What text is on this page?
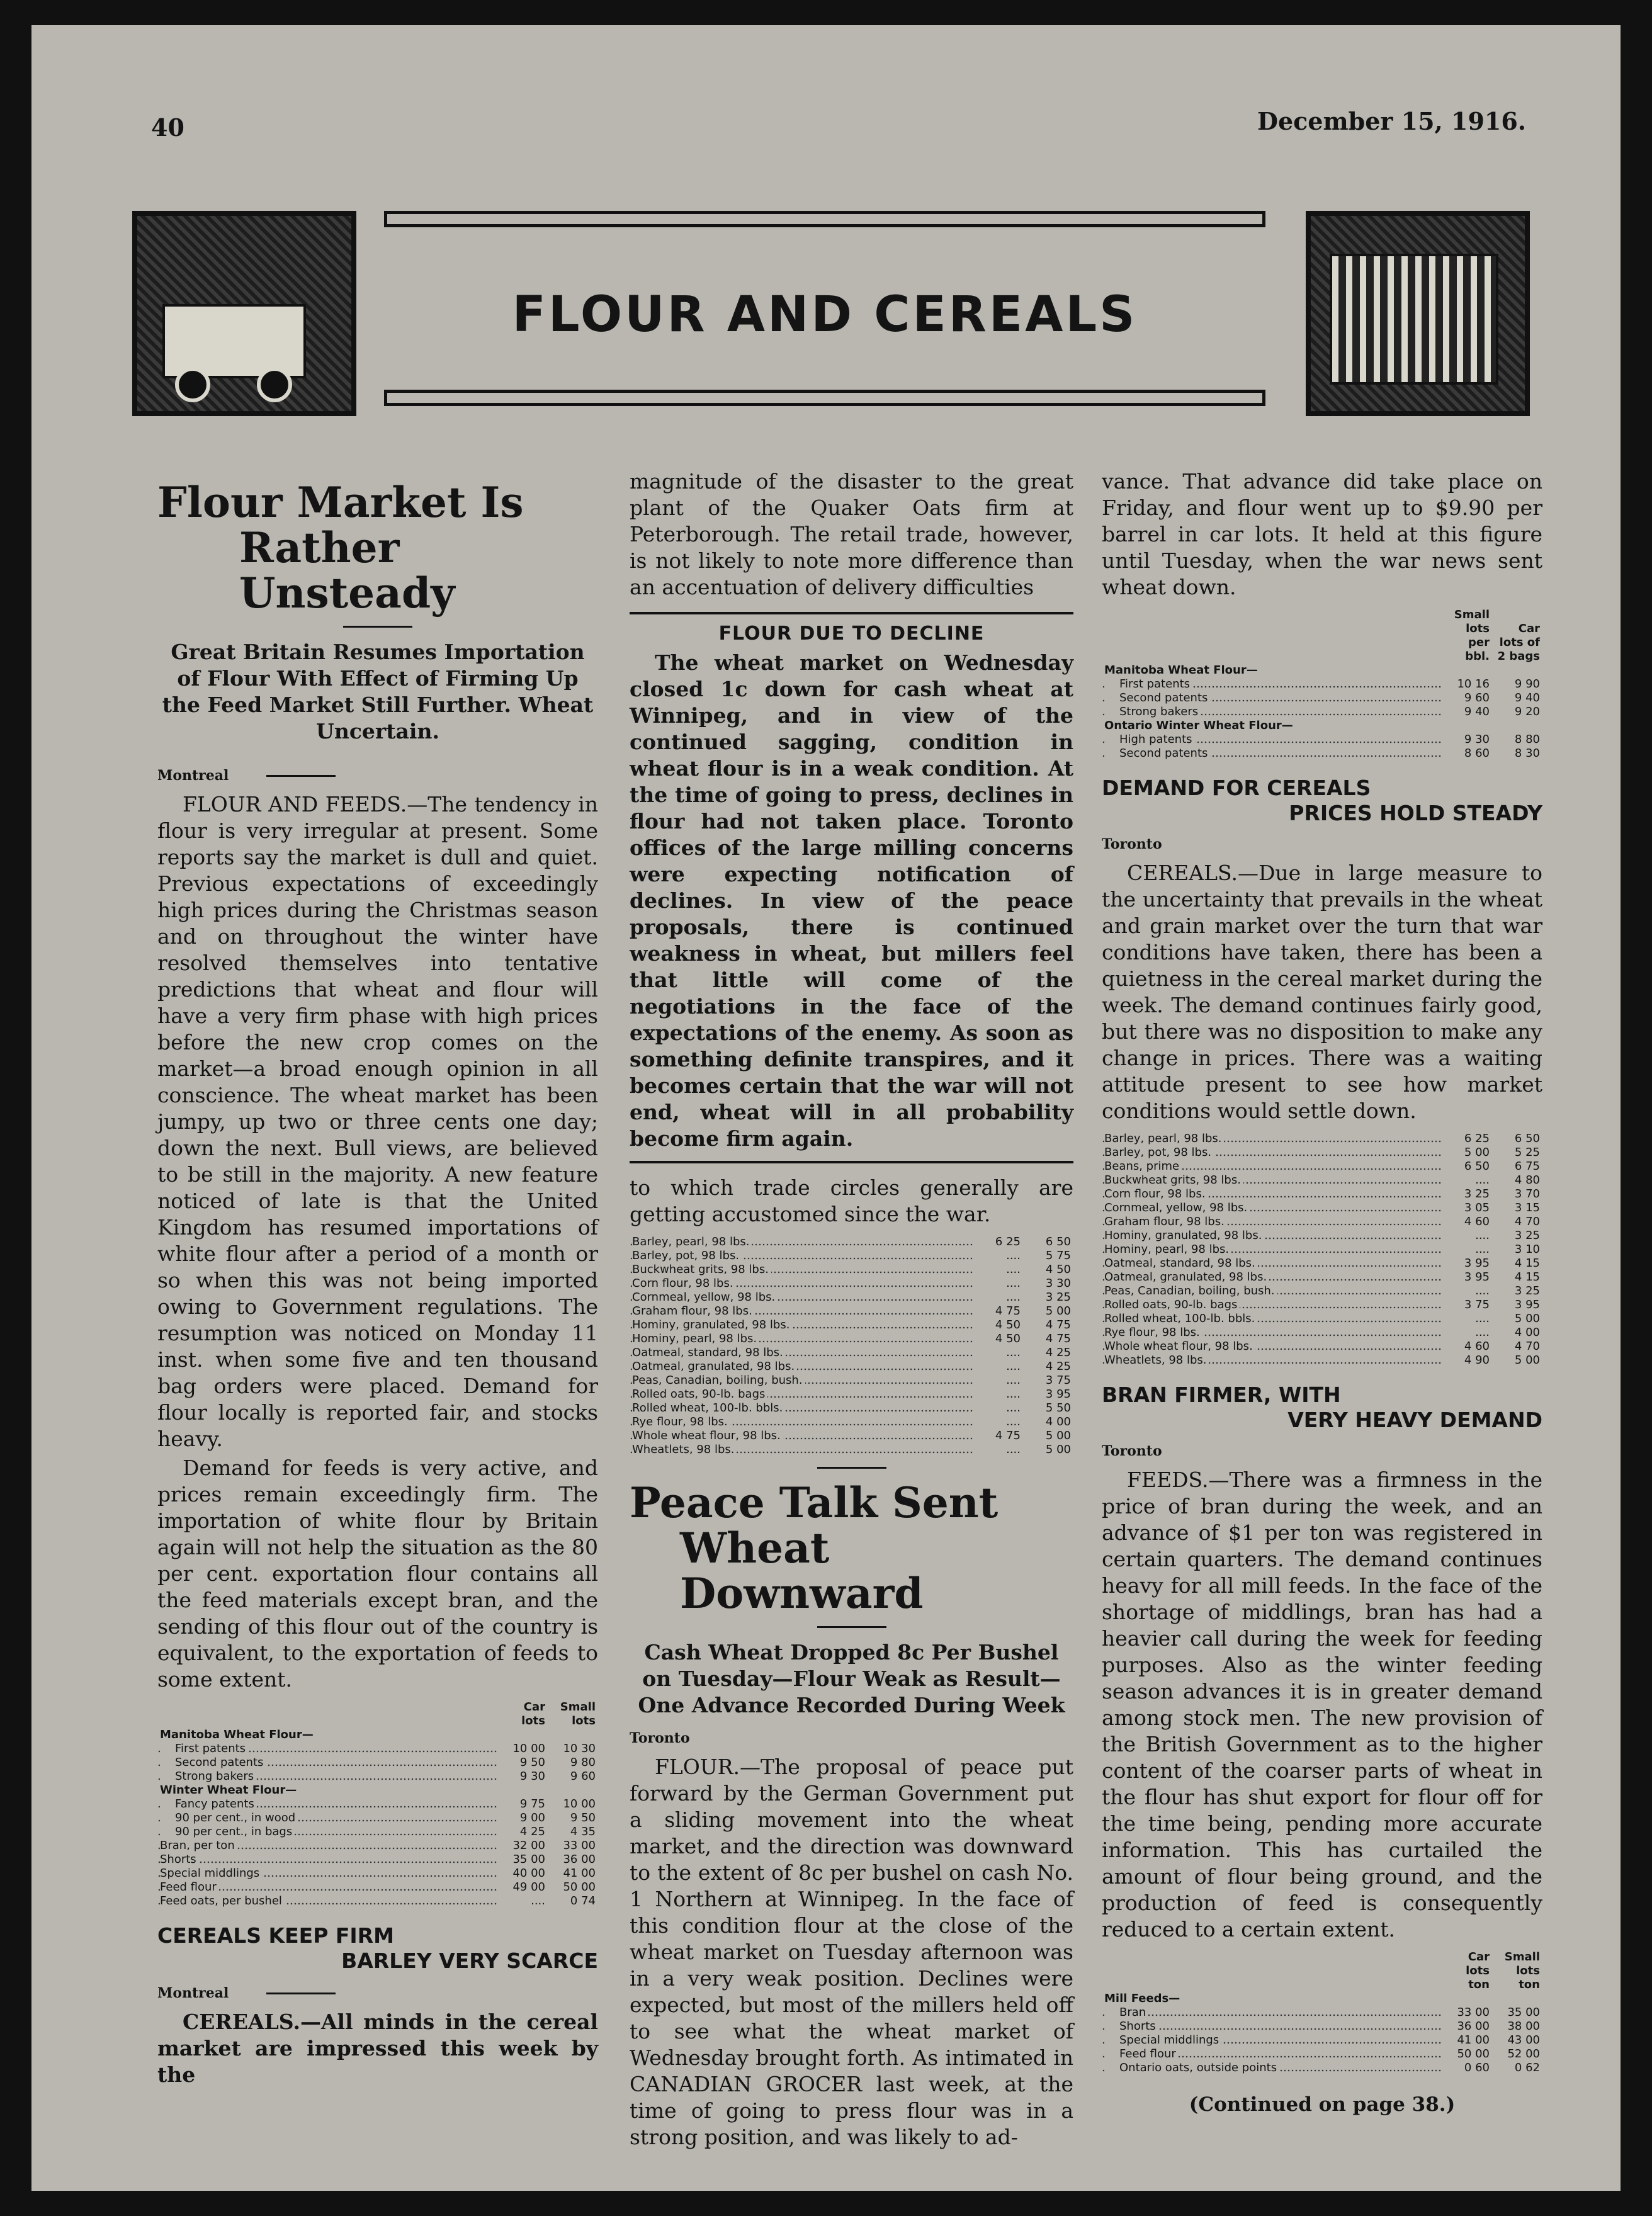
40	December 15, 1916.
FLOUR AND CEREALS
Flour Market Is
Rather Unsteady
Great Britain Resumes Importation of Flour With Effect of Firming Up the Feed Market Still Further. Wheat Uncertain.
Montreal

FLOUR AND FEEDS.—The tendency in flour is very irregular at present. Some reports say the market is dull and quiet. Previous expectations of exceedingly high prices during the Christmas season and on throughout the winter have resolved themselves into tentative predictions that wheat and flour will have a very firm phase with high prices before the new crop comes on the market—a broad enough opinion in all conscience. The wheat market has been jumpy, up two or three cents one day; down the next. Bull views, are believed to be still in the majority. A new feature noticed of late is that the United Kingdom has resumed importations of white flour after a period of a month or so when this was not being imported owing to Government regulations. The resumption was noticed on Monday 11 inst. when some five and ten thousand bag orders were placed. Demand for flour locally is reported fair, and stocks heavy.

Demand for feeds is very active, and prices remain exceedingly firm. The importation of white flour by Britain again will not help the situation as the 80 per cent. exportation flour contains all the feed materials except bran, and the sending of this flour out of the country is equivalent, to the exportation of feeds to some extent.

	Car lots	Small lots
Manitoba Wheat Flour—		
First patents	10 00	10 30
Second patents	9 50	9 80
Strong bakers	9 30	9 60
Winter Wheat Flour—		
Fancy patents	9 75	10 00
90 per cent., in wood	9 00	9 50
90 per cent., in bags	4 25	4 35
Bran, per ton	32 00	33 00
Shorts	35 00	36 00
Special middlings	40 00	41 00
Feed flour	49 00	50 00
Feed oats, per bushel	....	0 74
CEREALS KEEP FIRM
BARLEY VERY SCARCE
Montreal

CEREALS.—All minds in the cereal market are impressed this week by the

magnitude of the disaster to the great plant of the Quaker Oats firm at Peterborough. The retail trade, however, is not likely to note more difference than an accentuation of delivery difficulties

FLOUR DUE TO DECLINE

The wheat market on Wednesday closed 1c down for cash wheat at Winnipeg, and in view of the continued sagging, condition in wheat flour is in a weak condition. At the time of going to press, declines in flour had not taken place. Toronto offices of the large milling concerns were expecting notification of declines. In view of the peace proposals, there is continued weakness in wheat, but millers feel that little will come of the negotiations in the face of the expectations of the enemy. As soon as something definite transpires, and it becomes certain that the war will not end, wheat will in all probability become firm again.

to which trade circles generally are getting accustomed since the war.

Barley, pearl, 98 lbs.	6 25	6 50
Barley, pot, 98 lbs.	....	5 75
Buckwheat grits, 98 lbs.	....	4 50
Corn flour, 98 lbs.	....	3 30
Cornmeal, yellow, 98 lbs.	....	3 25
Graham flour, 98 lbs.	4 75	5 00
Hominy, granulated, 98 lbs.	4 50	4 75
Hominy, pearl, 98 lbs.	4 50	4 75
Oatmeal, standard, 98 lbs.	....	4 25
Oatmeal, granulated, 98 lbs.	....	4 25
Peas, Canadian, boiling, bush.	....	3 75
Rolled oats, 90-lb. bags	....	3 95
Rolled wheat, 100-lb. bbls.	....	5 50
Rye flour, 98 lbs.	....	4 00
Whole wheat flour, 98 lbs.	4 75	5 00
Wheatlets, 98 lbs.	....	5 00
Peace Talk Sent
Wheat Downward
Cash Wheat Dropped 8c Per Bushel on Tuesday—Flour Weak as Result—One Advance Recorded During Week
Toronto

FLOUR.—The proposal of peace put forward by the German Government put a sliding movement into the wheat market, and the direction was downward to the extent of 8c per bushel on cash No. 1 Northern at Winnipeg. In the face of this condition flour at the close of the wheat market on Tuesday afternoon was in a very weak position. Declines were expected, but most of the millers held off to see what the wheat market of Wednesday brought forth. As intimated in CANADIAN GROCER last week, at the time of going to press flour was in a strong position, and was likely to ad-

vance. That advance did take place on Friday, and flour went up to $9.90 per barrel in car lots. It held at this figure until Tuesday, when the war news sent wheat down.

	Small lots per bbl.	Car lots of 2 bags
Manitoba Wheat Flour—		
First patents	10 16	9 90
Second patents	9 60	9 40
Strong bakers	9 40	9 20
Ontario Winter Wheat Flour—		
High patents	9 30	8 80
Second patents	8 60	8 30
DEMAND FOR CEREALS
PRICES HOLD STEADY
Toronto

CEREALS.—Due in large measure to the uncertainty that prevails in the wheat and grain market over the turn that war conditions have taken, there has been a quietness in the cereal market during the week. The demand continues fairly good, but there was no disposition to make any change in prices. There was a waiting attitude present to see how market conditions would settle down.

Barley, pearl, 98 lbs.	6 25	6 50
Barley, pot, 98 lbs.	5 00	5 25
Beans, prime	6 50	6 75
Buckwheat grits, 98 lbs.	....	4 80
Corn flour, 98 lbs.	3 25	3 70
Cornmeal, yellow, 98 lbs.	3 05	3 15
Graham flour, 98 lbs.	4 60	4 70
Hominy, granulated, 98 lbs.	....	3 25
Hominy, pearl, 98 lbs.	....	3 10
Oatmeal, standard, 98 lbs.	3 95	4 15
Oatmeal, granulated, 98 lbs.	3 95	4 15
Peas, Canadian, boiling, bush.	....	3 25
Rolled oats, 90-lb. bags	3 75	3 95
Rolled wheat, 100-lb. bbls.	....	5 00
Rye flour, 98 lbs.	....	4 00
Whole wheat flour, 98 lbs.	4 60	4 70
Wheatlets, 98 lbs.	4 90	5 00
BRAN FIRMER, WITH
VERY HEAVY DEMAND
Toronto

FEEDS.—There was a firmness in the price of bran during the week, and an advance of $1 per ton was registered in certain quarters. The demand continues heavy for all mill feeds. In the face of the shortage of middlings, bran has had a heavier call during the week for feeding purposes. Also as the winter feeding season advances it is in greater demand among stock men. The new provision of the British Government as to the higher content of the coarser parts of wheat in the flour has shut export for flour off for the time being, pending more accurate information. This has curtailed the amount of flour being ground, and the production of feed is consequently reduced to a certain extent.

	Car lots ton	Small lots ton
Mill Feeds—		
Bran	33 00	35 00
Shorts	36 00	38 00
Special middlings	41 00	43 00
Feed flour	50 00	52 00
Ontario oats, outside points	0 60	0 62
(Continued on page 38.)
